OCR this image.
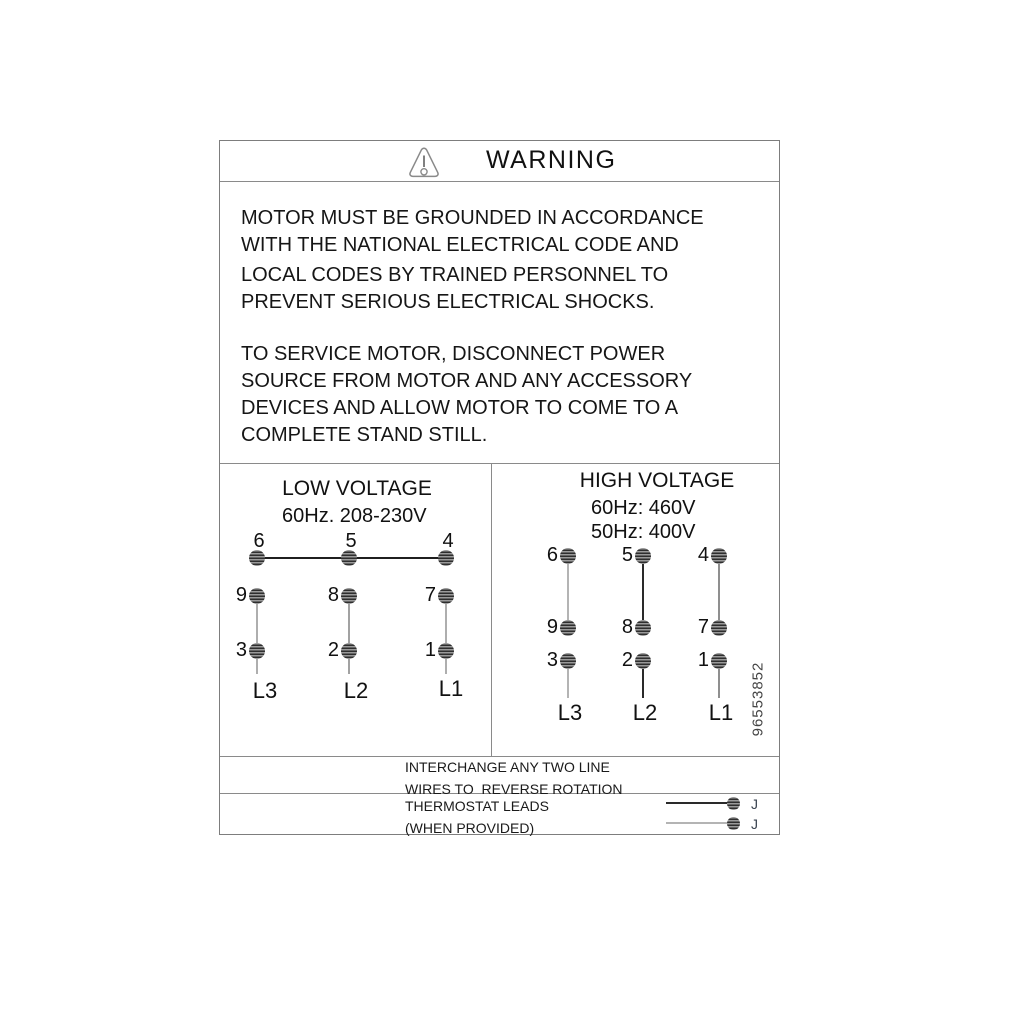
WARNING
MOTOR MUST BE GROUNDED IN ACCORDANCE
WITH THE NATIONAL ELECTRICAL CODE AND
LOCAL CODES BY TRAINED PERSONNEL TO
PREVENT SERIOUS ELECTRICAL SHOCKS.
TO SERVICE MOTOR, DISCONNECT POWER
SOURCE FROM MOTOR AND ANY ACCESSORY
DEVICES AND ALLOW MOTOR TO COME TO A
COMPLETE STAND STILL.
LOW VOLTAGE
60Hz. 208-230V
6	5	4
9	8	7
3	2	1
L3	L2	L1
HIGH VOLTAGE
60Hz: 460V
50Hz: 400V
6	5	4
9	8	7
3	2	1
L3	L2	L1	96553852
INTERCHANGE ANY TWO LINE
WIRES TO  REVERSE ROTATION
THERMOSTAT LEADS
(WHEN PROVIDED)
J
J
